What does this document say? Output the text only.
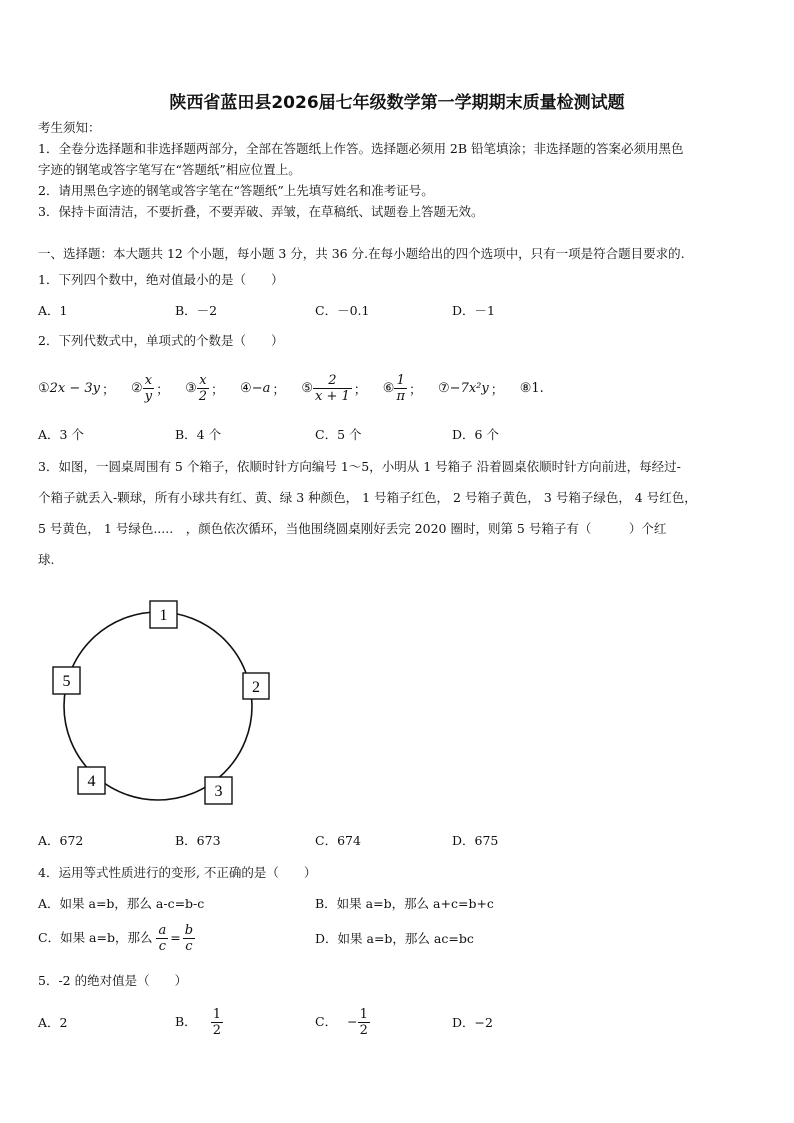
陕西省蓝田县2026届七年级数学第一学期期末质量检测试题
考生须知：
1．全卷分选择题和非选择题两部分，全部在答题纸上作答。选择题必须用 2B 铅笔填涂；非选择题的答案必须用黑色
字迹的钢笔或答字笔写在“答题纸”相应位置上。
2．请用黑色字迹的钢笔或答字笔在“答题纸”上先填写姓名和准考证号。
3．保持卡面清洁，不要折叠，不要弄破、弄皱，在草稿纸、试题卷上答题无效。
一、选择题：本大题共 12 个小题，每小题 3 分，共 36 分.在每小题给出的四个选项中，只有一项是符合题目要求的.
1．下列四个数中，绝对值最小的是（　　）
A．1	B．－2	C．－0.1	D．－1
2．下列代数式中，单项式的个数是（　　）
① 2x − 3y ； ② $\frac{x}{y}$ ； ③ $\frac{x}{2}$ ； ④ −a ； ⑤ $\frac{2}{x + 1}$ ； ⑥ $\frac{1}{\pi}$ ； ⑦ −7x²y ； ⑧1.
A．3 个	B．4 个	C．5 个	D．6 个
3．如图，一圆桌周围有 5 个箱子，依顺时针方向编号 1～5，小明从 1 号箱子 沿着圆桌依顺时针方向前进，每经过-
个箱子就丢入-颗球，所有小球共有红、黄、绿 3 种颜色， 1 号箱子红色， 2 号箱子黄色， 3 号箱子绿色， 4 号红色，
5 号黄色， 1 号绿色.....　，颜色依次循环，当他围绕圆桌刚好丢完 2020 圈时，则第 5 号箱子有（　　　）个红
球.
1
2
3
4
5
A．672	B．673	C．674	D．675
4．运用等式性质进行的变形, 不正确的是（　　）
A．如果 a=b，那么 a-c=b-c	B．如果 a=b，那么 a+c=b+c
C．如果 a=b，那么 $\frac{a}{c} = \frac{b}{c}$	D．如果 a=b，那么 ac=bc
5．-2 的绝对值是（　　）
A．2	B． $\frac{1}{2}$	C． − $\frac{1}{2}$	D．−2
